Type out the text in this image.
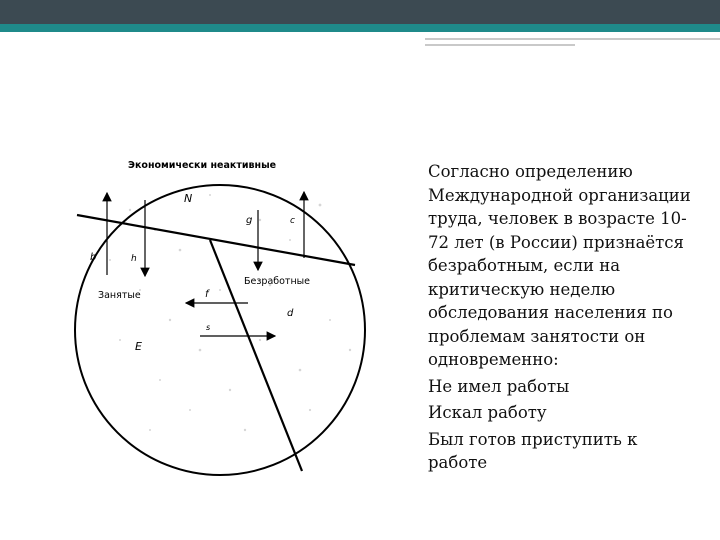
Экономически неактивные
Занятые
Безработные
N
E
b	h
g	c
f
d
s

Согласно определению Международной организации труда, человек в возрасте 10-72 лет (в России) признаётся безработным, если на критическую неделю обследования населения по проблемам занятости он одновременно:

Не имел работы

Искал работу

Был готов приступить к работе
